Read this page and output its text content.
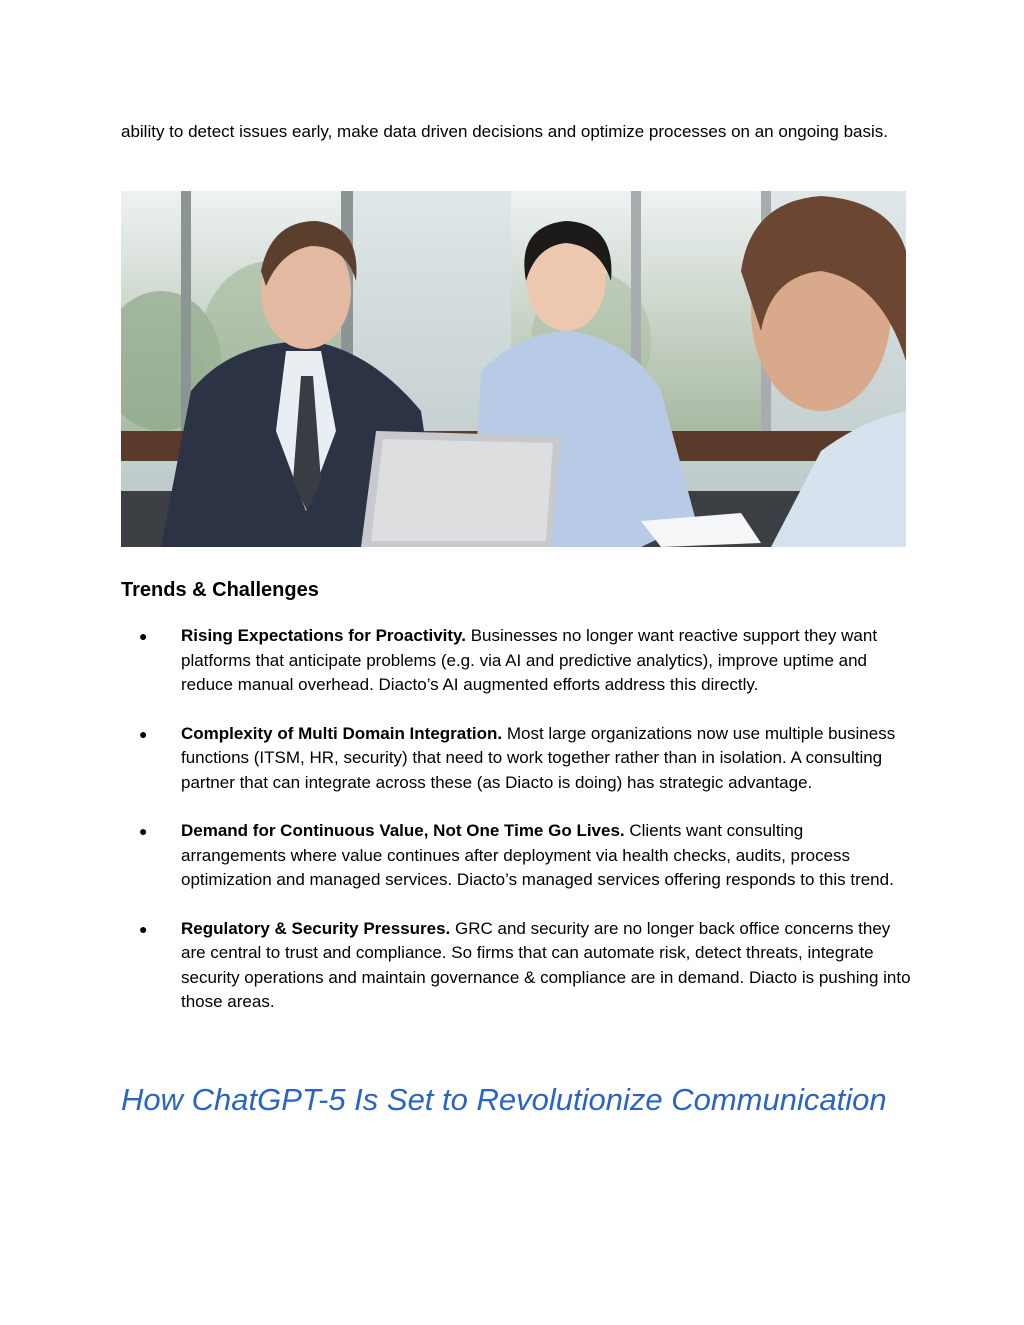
ability to detect issues early, make data driven decisions and optimize processes on an ongoing basis.

Trends & Challenges
● Rising Expectations for Proactivity. Businesses no longer want reactive support they want platforms that anticipate problems (e.g. via AI and predictive analytics), improve uptime and reduce manual overhead. Diacto’s AI augmented efforts address this directly.
● Complexity of Multi Domain Integration. Most large organizations now use multiple business functions (ITSM, HR, security) that need to work together rather than in isolation. A consulting partner that can integrate across these (as Diacto is doing) has strategic advantage.
● Demand for Continuous Value, Not One Time Go Lives. Clients want consulting arrangements where value continues after deployment via health checks, audits, process optimization and managed services. Diacto’s managed services offering responds to this trend.
● Regulatory & Security Pressures. GRC and security are no longer back office concerns they are central to trust and compliance. So firms that can automate risk, detect threats, integrate security operations and maintain governance & compliance are in demand. Diacto is pushing into those areas.
How ChatGPT-5 Is Set to Revolutionize Communication
